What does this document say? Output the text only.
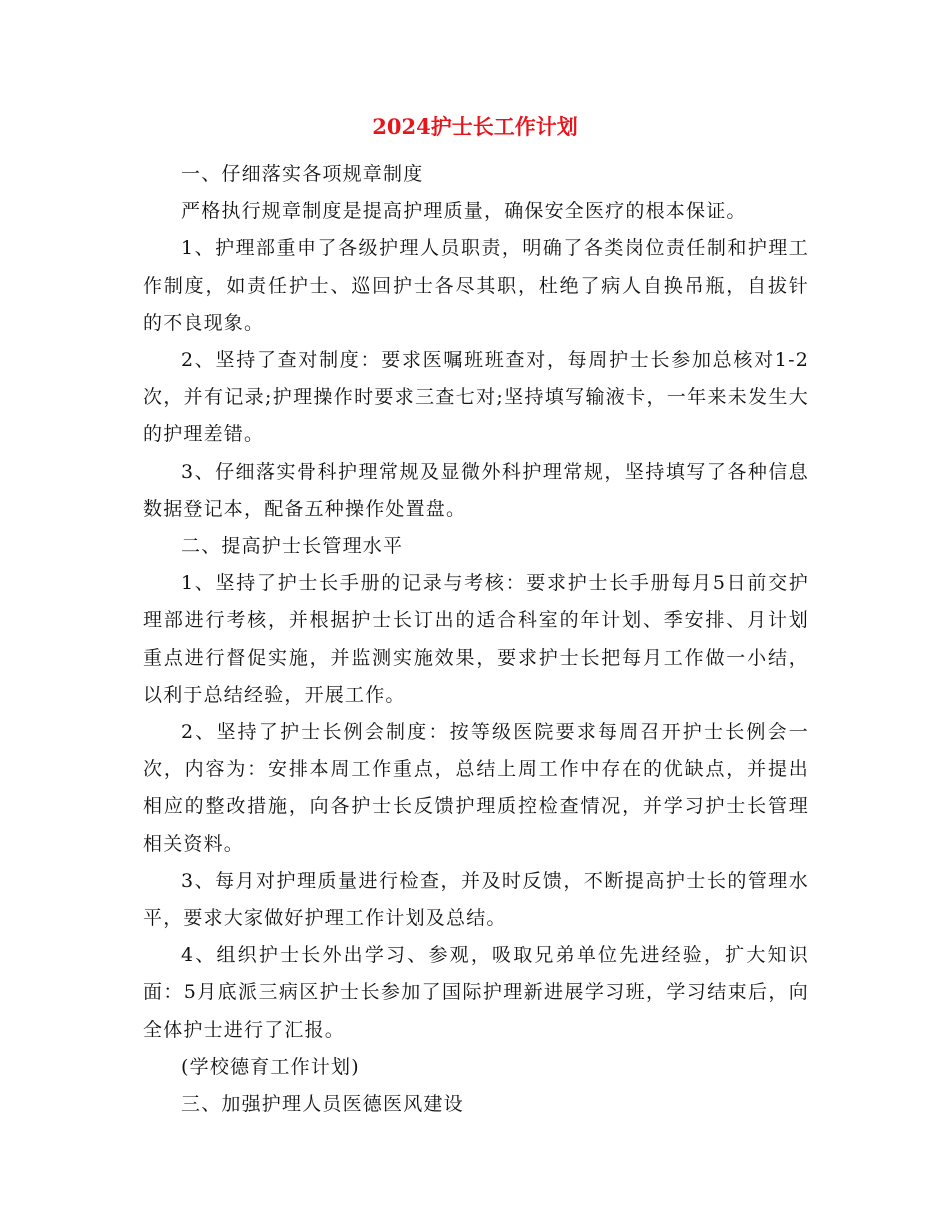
2024护士长工作计划

一、仔细落实各项规章制度

严格执行规章制度是提高护理质量，确保安全医疗的根本保证。

1、护理部重申了各级护理人员职责，明确了各类岗位责任制和护理工作制度，如责任护士、巡回护士各尽其职，杜绝了病人自换吊瓶，自拔针的不良现象。

2、坚持了查对制度：要求医嘱班班查对，每周护士长参加总核对1-2次，并有记录;护理操作时要求三查七对;坚持填写输液卡，一年来未发生大的护理差错。

3、仔细落实骨科护理常规及显微外科护理常规，坚持填写了各种信息数据登记本，配备五种操作处置盘。

二、提高护士长管理水平

1、坚持了护士长手册的记录与考核：要求护士长手册每月5日前交护理部进行考核，并根据护士长订出的适合科室的年计划、季安排、月计划重点进行督促实施，并监测实施效果，要求护士长把每月工作做一小结，以利于总结经验，开展工作。

2、坚持了护士长例会制度：按等级医院要求每周召开护士长例会一次，内容为：安排本周工作重点，总结上周工作中存在的优缺点，并提出相应的整改措施，向各护士长反馈护理质控检查情况，并学习护士长管理相关资料。

3、每月对护理质量进行检查，并及时反馈，不断提高护士长的管理水平，要求大家做好护理工作计划及总结。

4、组织护士长外出学习、参观，吸取兄弟单位先进经验，扩大知识面：5月底派三病区护士长参加了国际护理新进展学习班，学习结束后，向全体护士进行了汇报。

(学校德育工作计划)

三、加强护理人员医德医风建设
